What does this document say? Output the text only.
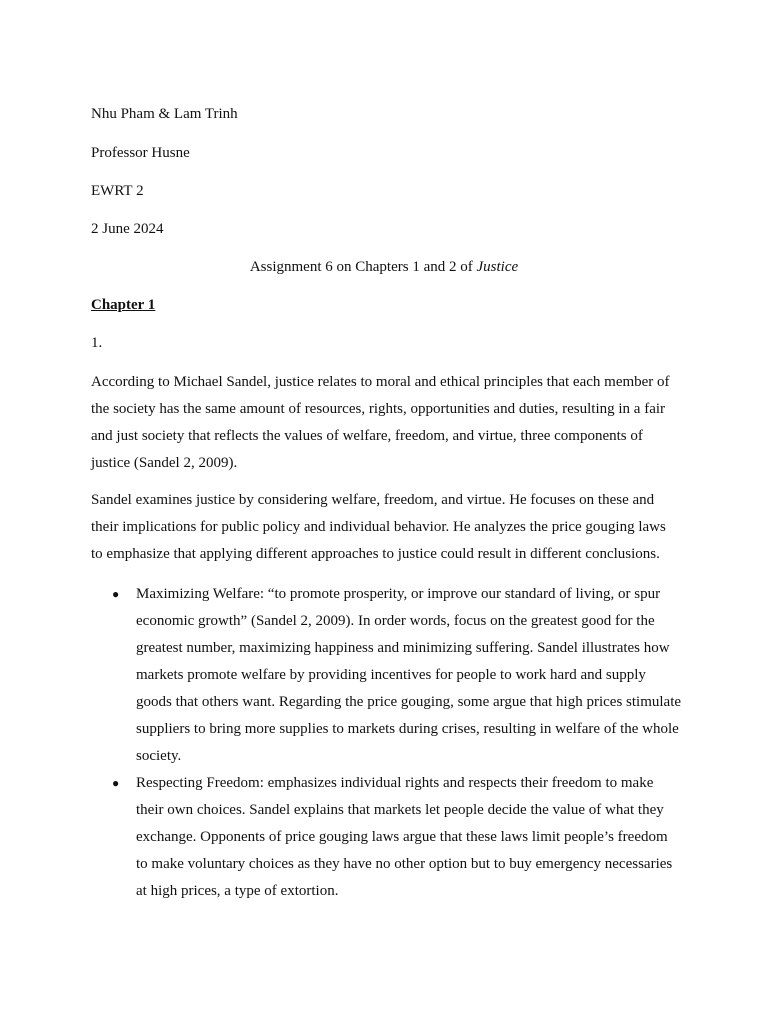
Nhu Pham & Lam Trinh
Professor Husne
EWRT 2
2 June 2024
Assignment 6 on Chapters 1 and 2 of Justice
Chapter 1
1.

According to Michael Sandel, justice relates to moral and ethical principles that each member of the society has the same amount of resources, rights, opportunities and duties, resulting in a fair and just society that reflects the values of welfare, freedom, and virtue, three components of justice (Sandel 2, 2009).

Sandel examines justice by considering welfare, freedom, and virtue. He focuses on these and their implications for public policy and individual behavior. He analyzes the price gouging laws to emphasize that applying different approaches to justice could result in different conclusions.

● Maximizing Welfare: “to promote prosperity, or improve our standard of living, or spur economic growth” (Sandel 2, 2009). In order words, focus on the greatest good for the greatest number, maximizing happiness and minimizing suffering. Sandel illustrates how markets promote welfare by providing incentives for people to work hard and supply goods that others want. Regarding the price gouging, some argue that high prices stimulate suppliers to bring more supplies to markets during crises, resulting in welfare of the whole society.
● Respecting Freedom: emphasizes individual rights and respects their freedom to make their own choices. Sandel explains that markets let people decide the value of what they exchange. Opponents of price gouging laws argue that these laws limit people’s freedom to make voluntary choices as they have no other option but to buy emergency necessaries at high prices, a type of extortion.
